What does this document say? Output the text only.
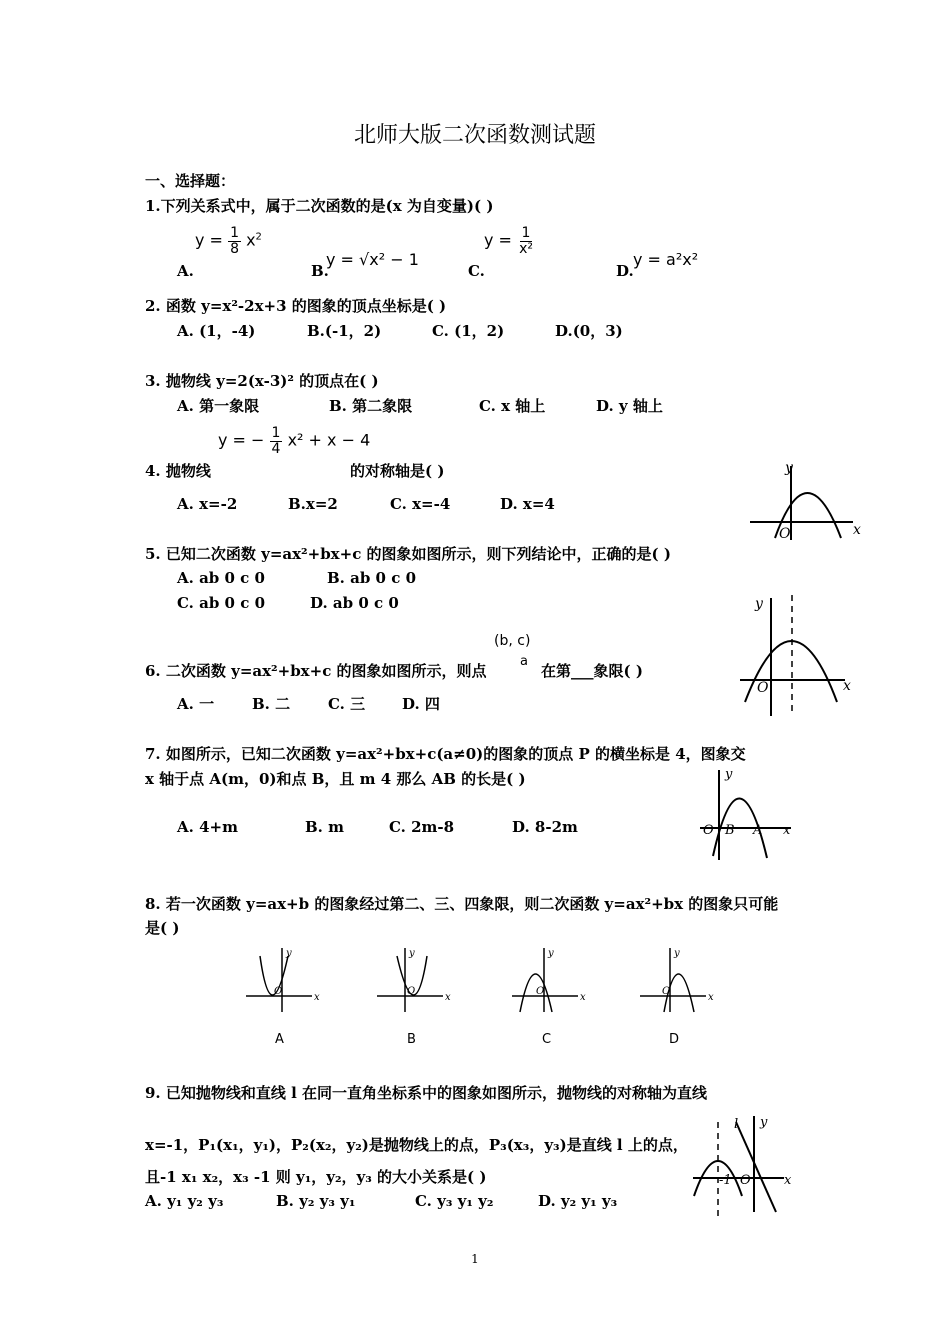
北师大版二次函数测试题
一、选择题：
1.下列关系式中，属于二次函数的是(x 为自变量)( )
A.
$y = \frac{1}{8} x^2$
B.
y = √x² − 1
C.
$y = \frac{1}{\text{x²}}$
D.
y = a²x²
2. 函数 y=x²-2x+3 的图象的顶点坐标是( )
A. (1，-4)	B.(-1，2)	C. (1，2)	D.(0，3)
3. 抛物线 y=2(x-3)² 的顶点在( )
A. 第一象限	B. 第二象限	C. x 轴上	D. y 轴上
4. 抛物线
y = − $\frac{1}{4} x^2 + x - 4$
的对称轴是( )
A. x=-2	B.x=2	C. x=-4	D. x=4
y
O	x
5. 已知二次函数 y=ax²+bx+c 的图象如图所示，则下列结论中，正确的是( )
A. ab 0 c 0	B. ab 0 c 0
C. ab 0 c 0	D. ab 0 c 0	y
O	x
(b, c)
a
6. 二次函数 y=ax²+bx+c 的图象如图所示，则点	在第___象限( )
A. 一	B. 二	C. 三 D. 四
7. 如图所示，已知二次函数 y=ax²+bx+c(a≠0)的图象的顶点 P 的横坐标是 4，图象交
x 轴于点 A(m，0)和点 B，且 m 4 那么 AB 的长是( )
A. 4+m	B. m	C. 2m-8	D. 8-2m
y
O B A x
8. 若一次函数 y=ax+b 的图象经过第二、三、四象限，则二次函数 y=ax²+bx 的图象只可能
是( )
y
O
x
A
y
O
x
B
y
O
x
C
y
O
x
D
9. 已知抛物线和直线 l 在同一直角坐标系中的图象如图所示，抛物线的对称轴为直线
x=-1，P₁(x₁，y₁)，P₂(x₂，y₂)是抛物线上的点，P₃(x₃，y₃)是直线 l 上的点，
且-1 x₁ x₂，x₃ -1 则 y₁，y₂，y₃ 的大小关系是( )
A. y₁ y₂ y₃	B. y₂ y₃ y₁	C. y₃ y₁ y₂	D. y₂ y₁ y₃
l y
-1 O	x
1
